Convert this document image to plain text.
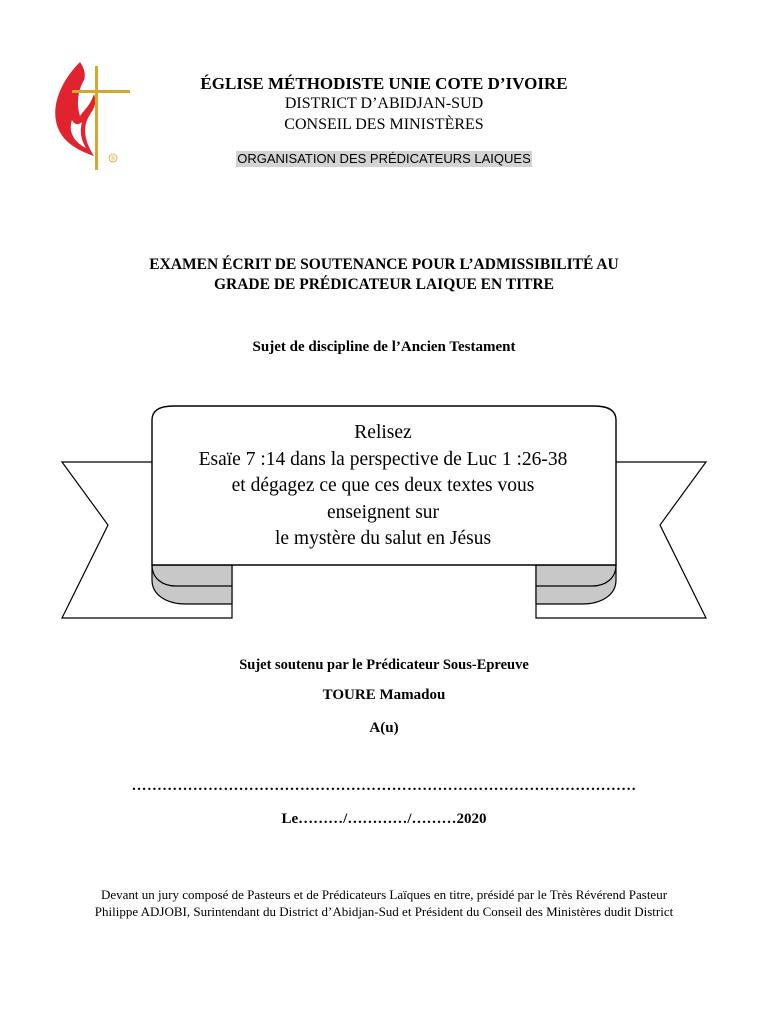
®
ÉGLISE MÉTHODISTE UNIE COTE D’IVOIRE
DISTRICT D’ABIDJAN-SUD
CONSEIL DES MINISTÈRES
ORGANISATION DES PRÉDICATEURS LAIQUES
EXAMEN ÉCRIT DE SOUTENANCE POUR L’ADMISSIBILITÉ AU
GRADE DE PRÉDICATEUR LAIQUE EN TITRE
Sujet de discipline de l’Ancien Testament
Relisez
Esaïe 7 :14 dans la perspective de Luc 1 :26-38
et dégagez ce que ces deux textes vous
enseignent sur
le mystère du salut en Jésus
Sujet soutenu par le Prédicateur Sous-Epreuve
TOURE Mamadou
A(u)
………………………………………………………………………………………
Le………/…………/………2020
Devant un jury composé de Pasteurs et de Prédicateurs Laïques en titre, présidé par le Très Révérend Pasteur Philippe ADJOBI, Surintendant du District d’Abidjan-Sud et Président du Conseil des Ministères dudit District
